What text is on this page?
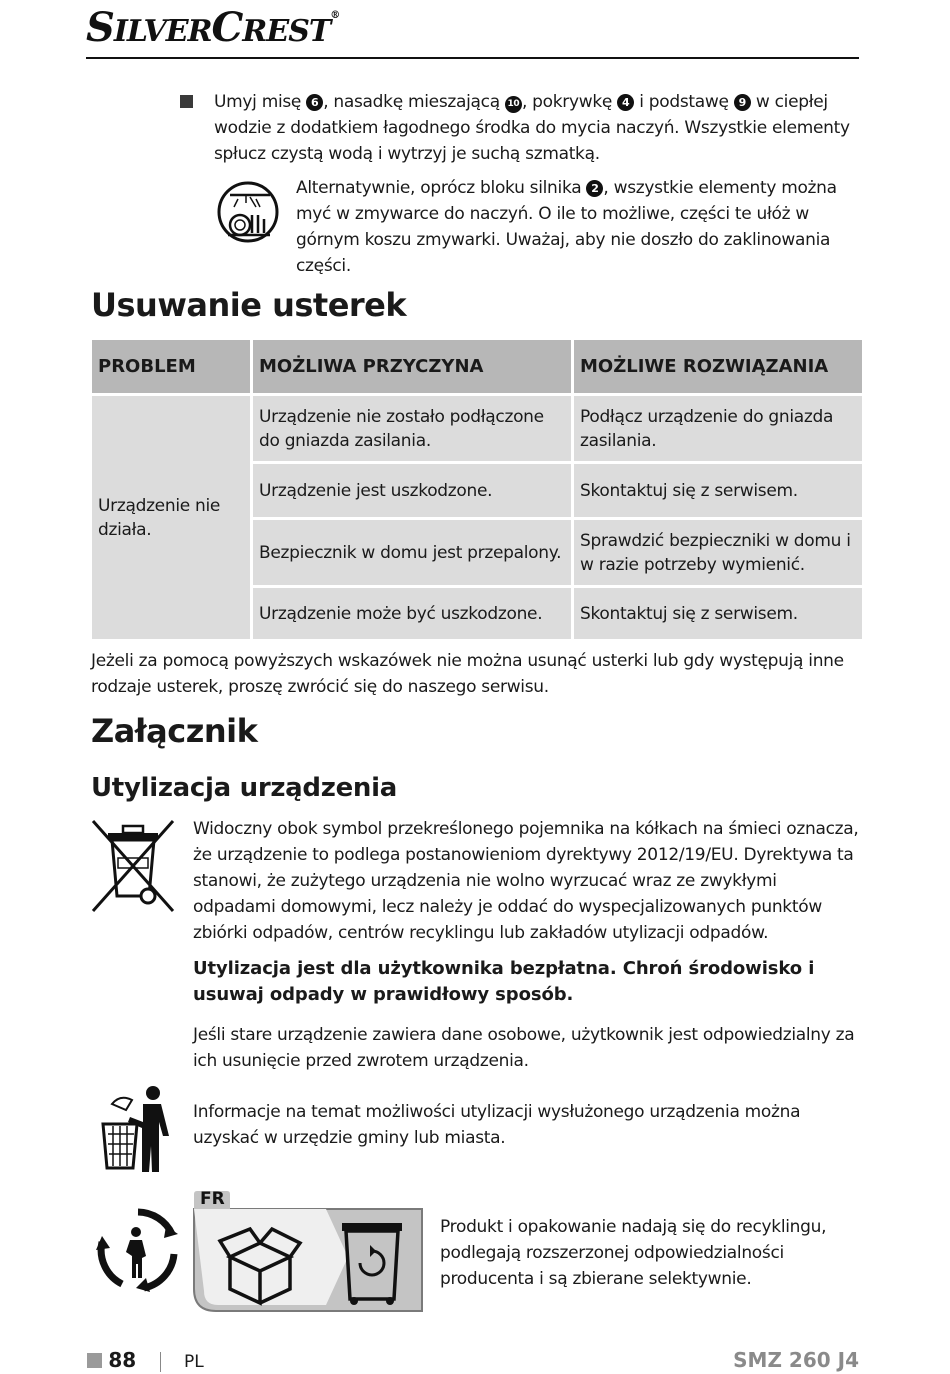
SILVERCREST®
Umyj misę 6 , nasadkę mieszającą 10 , pokrywkę 4 i podstawę 9 w ciepłej wodzie z dodatkiem łagodnego środka do mycia naczyń. Wszystkie elementy spłucz czystą wodą i wytrzyj je suchą szmatką.
Alternatywnie, oprócz bloku silnika 2 , wszystkie elementy można myć w zmywarce do naczyń. O ile to możliwe, części te ułóż w górnym koszu zmywarki. Uważaj, aby nie doszło do zaklinowania części.
Usuwanie usterek
PROBLEM	MOŻLIWA PRZYCZYNA	MOŻLIWE ROZWIĄZANIA
Urządzenie nie działa.	Urządzenie nie zostało podłączone do gniazda zasilania.	Podłącz urządzenie do gniazda zasilania.
	Urządzenie jest uszkodzone.	Skontaktuj się z serwisem.
	Bezpiecznik w domu jest przepalony.	Sprawdzić bezpieczniki w domu i w razie potrzeby wymienić.
	Urządzenie może być uszkodzone.	Skontaktuj się z serwisem.
Jeżeli za pomocą powyższych wskazówek nie można usunąć usterki lub gdy występują inne rodzaje usterek, proszę zwrócić się do naszego serwisu.
Załącznik
Utylizacja urządzenia
Widoczny obok symbol przekreślonego pojemnika na kółkach na śmieci oznacza, że urządzenie to podlega postanowieniom dyrektywy 2012/19/EU. Dyrektywa ta stanowi, że zużytego urządzenia nie wolno wyrzucać wraz ze zwykłymi odpadami domowymi, lecz należy je oddać do wyspecjalizowanych punktów zbiórki odpadów, centrów recyklingu lub zakładów utylizacji odpadów.
Utylizacja jest dla użytkownika bezpłatna. Chroń środowisko i usuwaj odpady w prawidłowy sposób.
Jeśli stare urządzenie zawiera dane osobowe, użytkownik jest odpowiedzialny za ich usunięcie przed zwrotem urządzenia.
Informacje na temat możliwości utylizacji wysłużonego urządzenia można uzyskać w urzędzie gminy lub miasta.
FR
Produkt i opakowanie nadają się do recyklingu, podlegają rozszerzonej odpowiedzialności producenta i są zbierane selektywnie.
88	PL	SMZ 260 J4
